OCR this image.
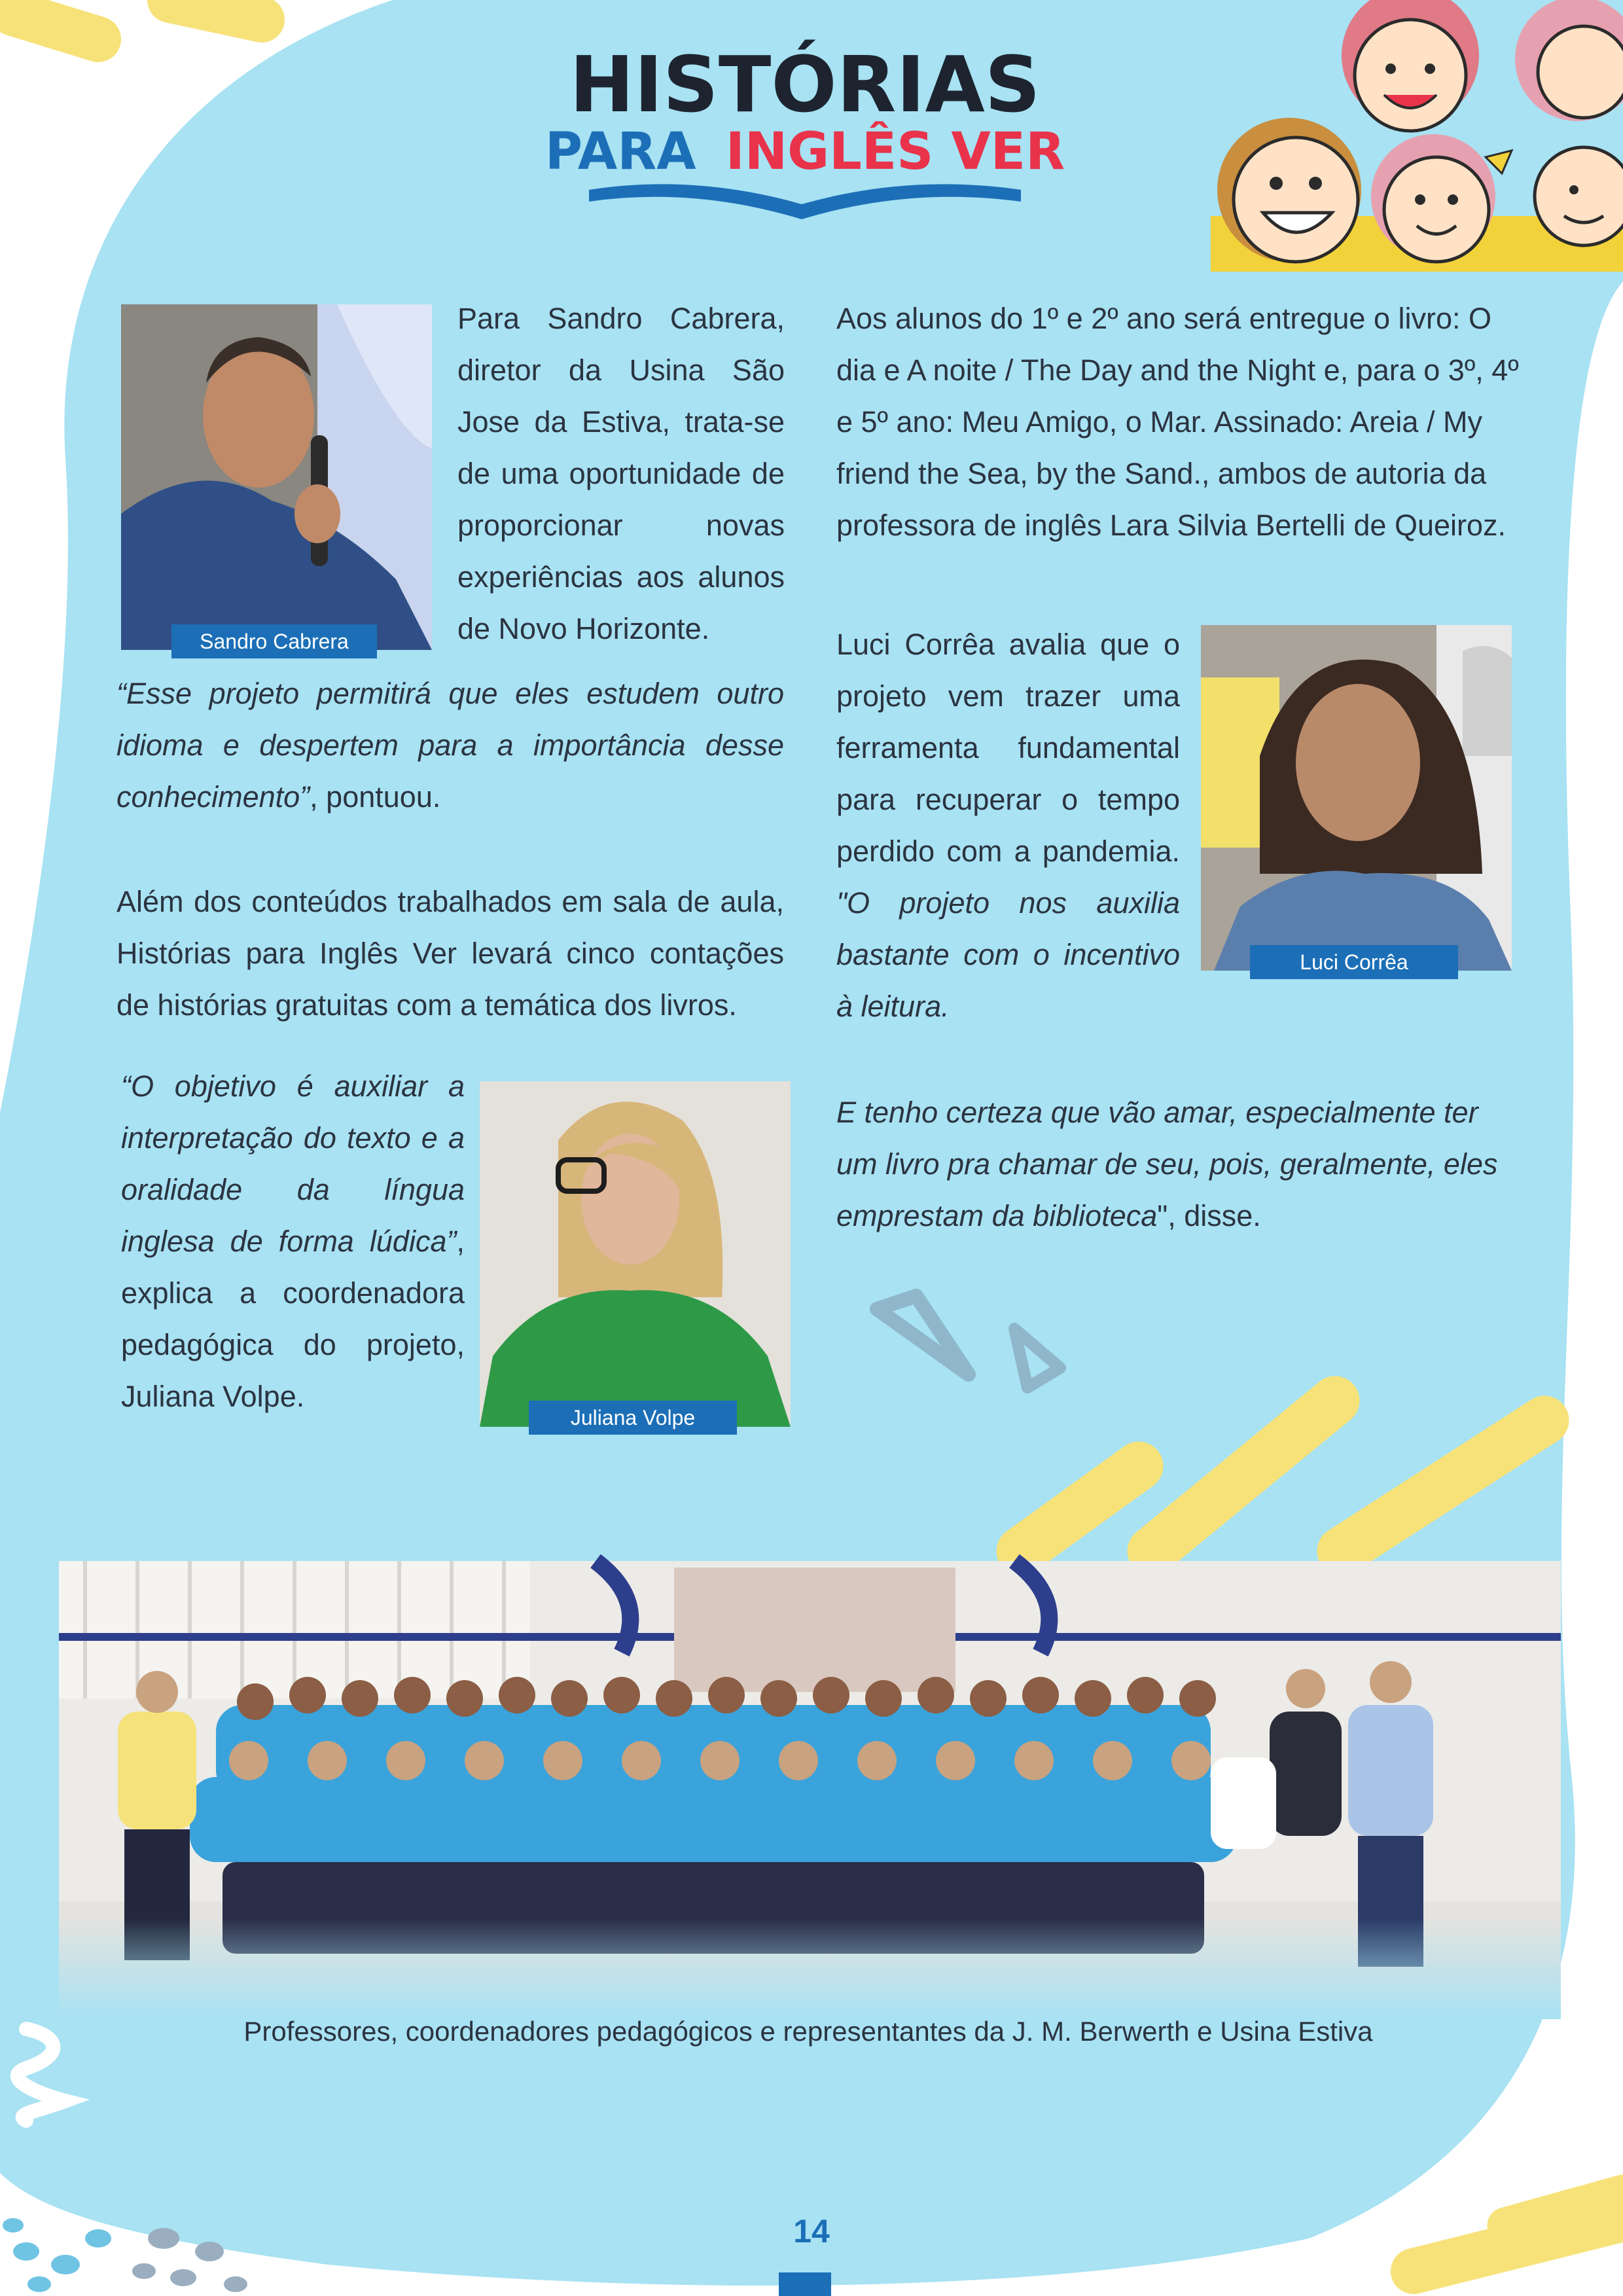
HISTÓRIAS
PARA INGLÊS VER
Sandro Cabrera

Para Sandro Cabrera, diretor da Usina São Jose da Estiva, trata-se de uma oportunidade de proporcionar novas experiências aos alunos de Novo Horizonte.

“Esse projeto permitirá que eles estudem outro idioma e despertem para a importância desse conhecimento”, pontuou.

Além dos conteúdos trabalhados em sala de aula, Histórias para Inglês Ver levará cinco contações de histórias gratuitas com a temática dos livros.

“O objetivo é auxiliar a interpretação do texto e a oralidade da língua inglesa de forma lúdica”, explica a coordenadora pedagógica do projeto, Juliana Volpe.

Juliana Volpe

Aos alunos do 1º e 2º ano será entregue o livro: O dia e A noite / The Day and the Night e, para o 3º, 4º e 5º ano: Meu Amigo, o Mar. Assinado: Areia / My friend the Sea, by the Sand., ambos de autoria da professora de inglês Lara Silvia Bertelli de Queiroz.

Luci Corrêa avalia que o projeto vem trazer uma ferramenta fundamental para recuperar o tempo perdido com a pandemia. "O projeto nos auxilia bastante com o incentivo à leitura.

Luci Corrêa

E tenho certeza que vão amar, especialmente ter um livro pra chamar de seu, pois, geralmente, eles emprestam da biblioteca", disse.

Professores, coordenadores pedagógicos e representantes da J. M. Berwerth e Usina Estiva
14
